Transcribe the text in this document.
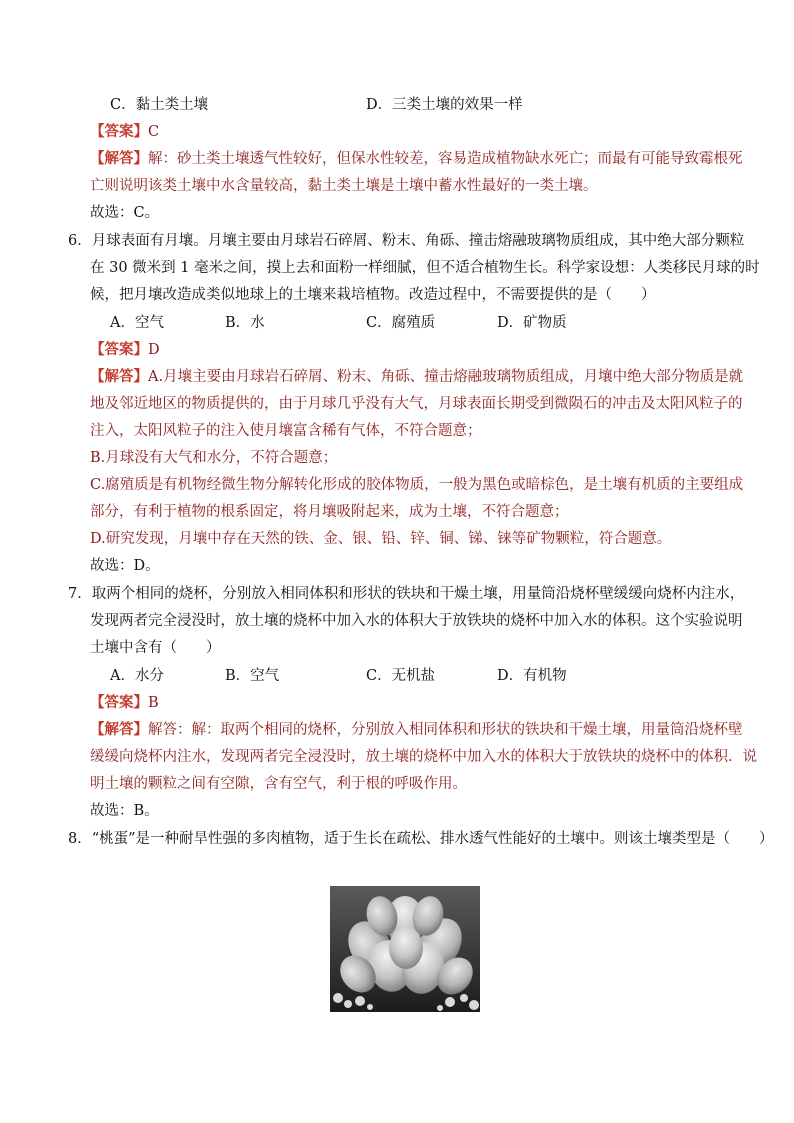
C．黏土类土壤	D．三类土壤的效果一样
【答案】C
【解答】解：砂土类土壤透气性较好，但保水性较差，容易造成植物缺水死亡；而最有可能导致霉根死
亡则说明该类土壤中水含量较高，黏土类土壤是土壤中蓄水性最好的一类土壤。
故选：C。
6．月球表面有月壤。月壤主要由月球岩石碎屑、粉末、角砾、撞击熔融玻璃物质组成，其中绝大部分颗粒
在 30 微米到 1 毫米之间，摸上去和面粉一样细腻，但不适合植物生长。科学家设想：人类移民月球的时
候，把月壤改造成类似地球上的土壤来栽培植物。改造过程中，不需要提供的是（　　）
A．空气	B．水	C．腐殖质	D．矿物质
【答案】D
【解答】A.月壤主要由月球岩石碎屑、粉末、角砾、撞击熔融玻璃物质组成，月壤中绝大部分物质是就
地及邻近地区的物质提供的，由于月球几乎没有大气，月球表面长期受到微陨石的冲击及太阳风粒子的
注入，太阳风粒子的注入使月壤富含稀有气体，不符合题意；
B.月球没有大气和水分，不符合题意；
C.腐殖质是有机物经微生物分解转化形成的胶体物质，一般为黑色或暗棕色，是土壤有机质的主要组成
部分，有利于植物的根系固定，将月壤吸附起来，成为土壤，不符合题意；
D.研究发现，月壤中存在天然的铁、金、银、铅、锌、铜、锑、铼等矿物颗粒，符合题意。
故选：D。
7．取两个相同的烧杯，分别放入相同体积和形状的铁块和干燥土壤，用量筒沿烧杯壁缓缓向烧杯内注水，
发现两者完全浸没时，放土壤的烧杯中加入水的体积大于放铁块的烧杯中加入水的体积。这个实验说明
土壤中含有（　　）
A．水分	B．空气	C．无机盐	D．有机物
【答案】B
【解答】解答：解：取两个相同的烧杯，分别放入相同体积和形状的铁块和干燥土壤，用量筒沿烧杯壁
缓缓向烧杯内注水，发现两者完全浸没时，放土壤的烧杯中加入水的体积大于放铁块的烧杯中的体积．说
明土壤的颗粒之间有空隙，含有空气，利于根的呼吸作用。
故选：B。
8．“桃蛋”是一种耐旱性强的多肉植物，适于生长在疏松、排水透气性能好的土壤中。则该土壤类型是（　　）
